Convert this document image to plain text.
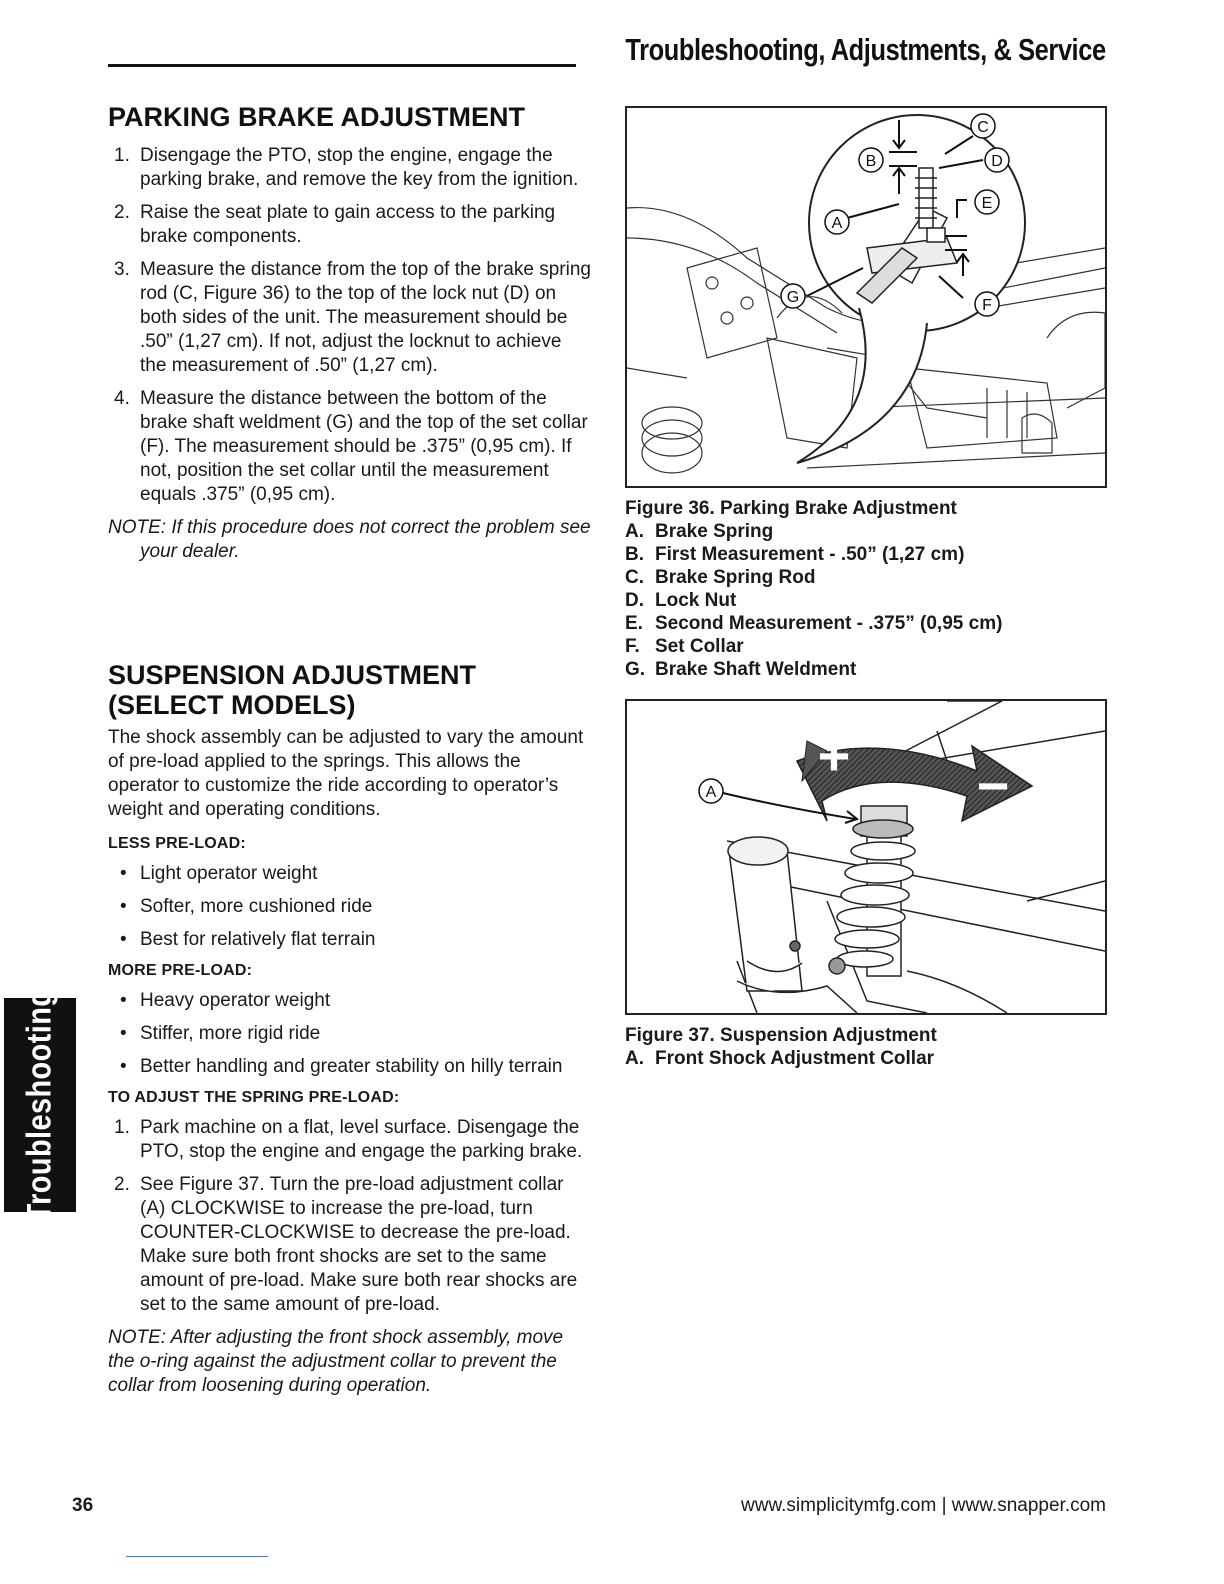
Troubleshooting, Adjustments, & Service
PARKING BRAKE ADJUSTMENT
1. Disengage the PTO, stop the engine, engage the parking brake, and remove the key from the ignition.
2. Raise the seat plate to gain access to the parking brake components.
3. Measure the distance from the top of the brake spring rod (C, Figure 36) to the top of the lock nut (D) on both sides of the unit. The measurement should be .50” (1,27 cm). If not, adjust the locknut to achieve the measurement of .50” (1,27 cm).
4. Measure the distance between the bottom of the brake shaft weldment (G) and the top of the set collar (F). The measurement should be .375” (0,95 cm). If not, position the set collar until the measurement equals .375” (0,95 cm).
NOTE: If this procedure does not correct the problem see your dealer.
SUSPENSION ADJUSTMENT
(SELECT MODELS)

The shock assembly can be adjusted to vary the amount of pre-load applied to the springs. This allows the operator to customize the ride according to operator’s weight and operating conditions.

LESS PRE-LOAD:
• Light operator weight
• Softer, more cushioned ride
• Best for relatively flat terrain
MORE PRE-LOAD:
• Heavy operator weight
• Stiffer, more rigid ride
• Better handling and greater stability on hilly terrain
TO ADJUST THE SPRING PRE-LOAD:
1. Park machine on a flat, level surface. Disengage the PTO, stop the engine and engage the parking brake.
2. See Figure 37. Turn the pre-load adjustment collar (A) CLOCKWISE to increase the pre-load, turn COUNTER-CLOCKWISE to decrease the pre-load. Make sure both front shocks are set to the same amount of pre-load. Make sure both rear shocks are set to the same amount of pre-load.
NOTE: After adjusting the front shock assembly, move the o-ring against the adjustment collar to prevent the collar from loosening during operation.
C
B	D
E
A
G	F
Figure 36. Parking Brake Adjustment
A. Brake Spring
B. First Measurement - .50” (1,27 cm)
C. Brake Spring Rod
D. Lock Nut
E. Second Measurement - .375” (0,95 cm)
F. Set Collar
G. Brake Shaft Weldment
+ −
A
Figure 37. Suspension Adjustment
A. Front Shock Adjustment Collar
Troubleshooting
36	www.simplicitymfg.com | www.snapper.com
